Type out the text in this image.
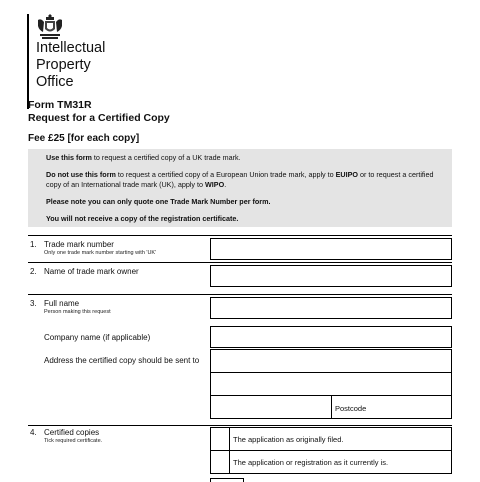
Intellectual
Property
Office
Form TM31R
Request for a Certified Copy
Fee £25 [for each copy]

Use this form to request a certified copy of a UK trade mark.

Do not use this form to request a certified copy of a European Union trade mark, apply to EUIPO or to request a certified copy of an International trade mark (UK), apply to WIPO.

Please note you can only quote one Trade Mark Number per form.

You will not receive a copy of the registration certificate.

1. Trade mark number
Only one trade mark number starting with 'UK'
2. Name of trade mark owner
3. Full name
Person making this request
Company name (if applicable)
Address the certified copy should be sent to
Postcode
4. Certified copies
Tick required certificate.	The application as originally filed.
The application or registration as it currently is.
